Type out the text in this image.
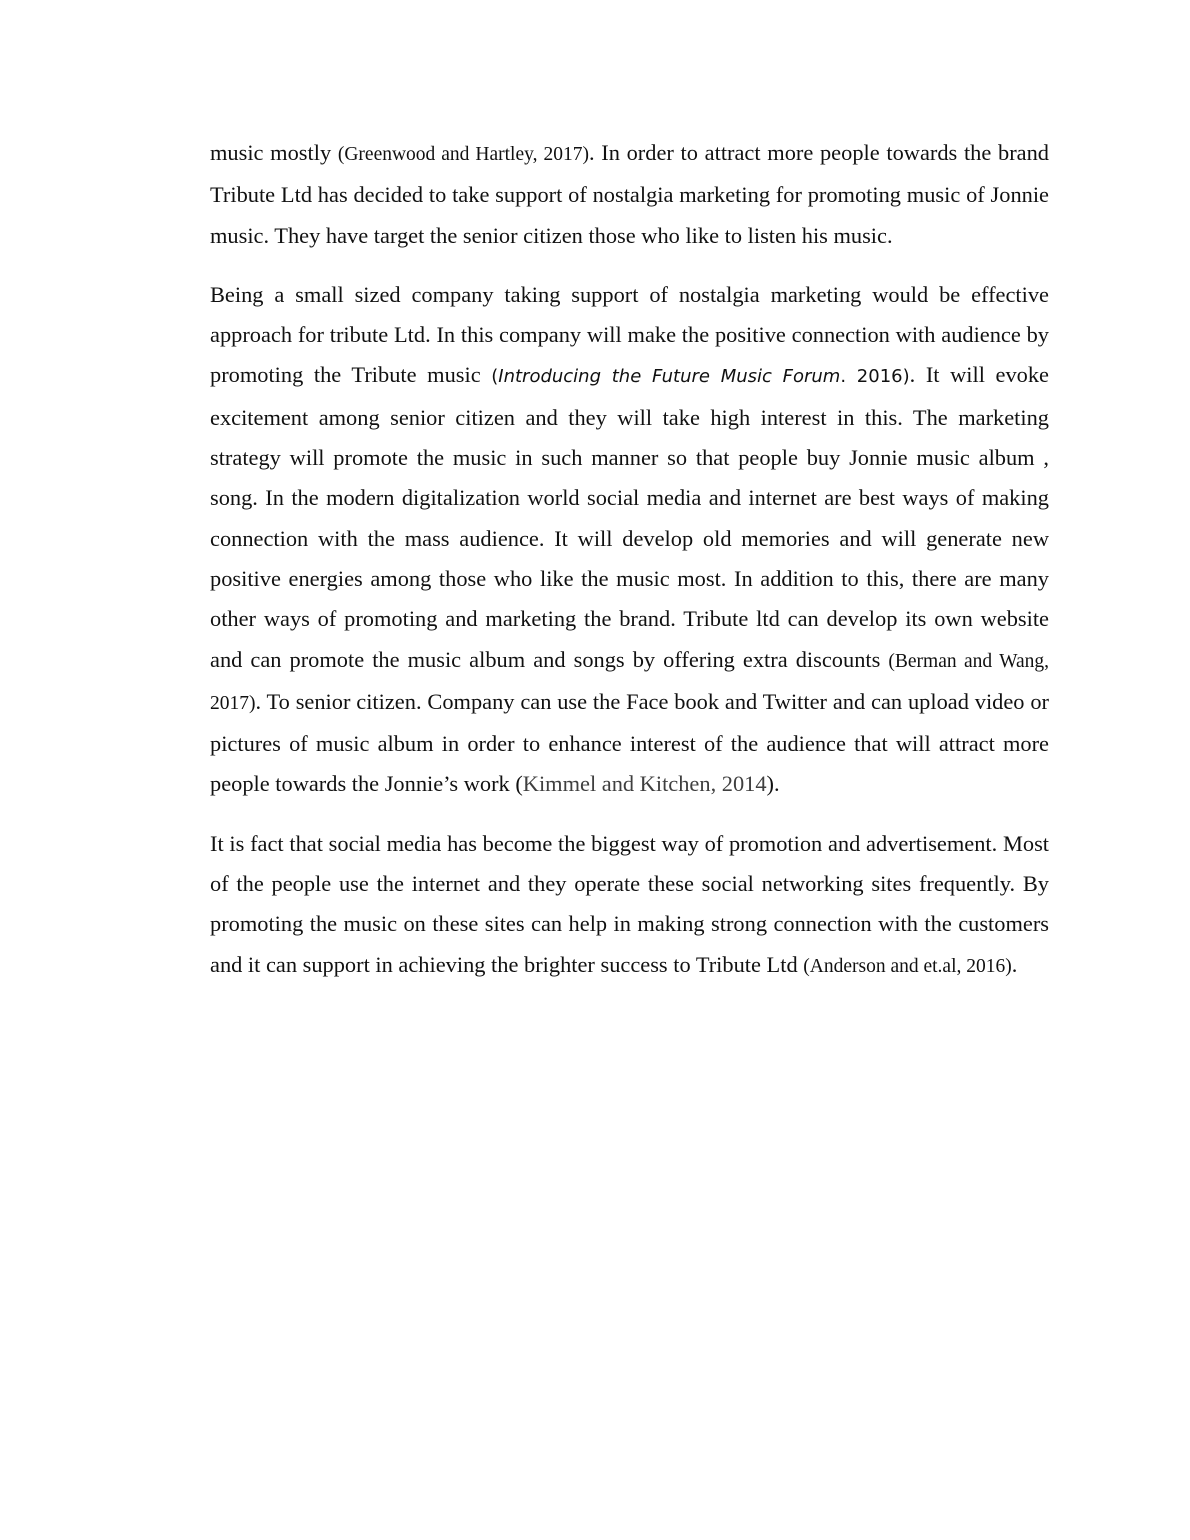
music mostly (Greenwood and Hartley, 2017). In order to attract more people towards the brand Tribute Ltd has decided to take support of nostalgia marketing for promoting music of Jonnie music. They have target the senior citizen those who like to listen his music.

Being a small sized company taking support of nostalgia marketing would be effective approach for tribute Ltd. In this company will make the positive connection with audience by promoting the Tribute music (Introducing the Future Music Forum. 2016). It will evoke excitement among senior citizen and they will take high interest in this. The marketing strategy will promote the music in such manner so that people buy Jonnie music album , song. In the modern digitalization world social media and internet are best ways of making connection with the mass audience. It will develop old memories and will generate new positive energies among those who like the music most. In addition to this, there are many other ways of promoting and marketing the brand. Tribute ltd can develop its own website and can promote the music album and songs by offering extra discounts (Berman and Wang, 2017). To senior citizen. Company can use the Face book and Twitter and can upload video or pictures of music album in order to enhance interest of the audience that will attract more people towards the Jonnie’s work (Kimmel and Kitchen, 2014).

It is fact that social media has become the biggest way of promotion and advertisement. Most of the people use the internet and they operate these social networking sites frequently. By promoting the music on these sites can help in making strong connection with the customers and it can support in achieving the brighter success to Tribute Ltd (Anderson and et.al, 2016).
